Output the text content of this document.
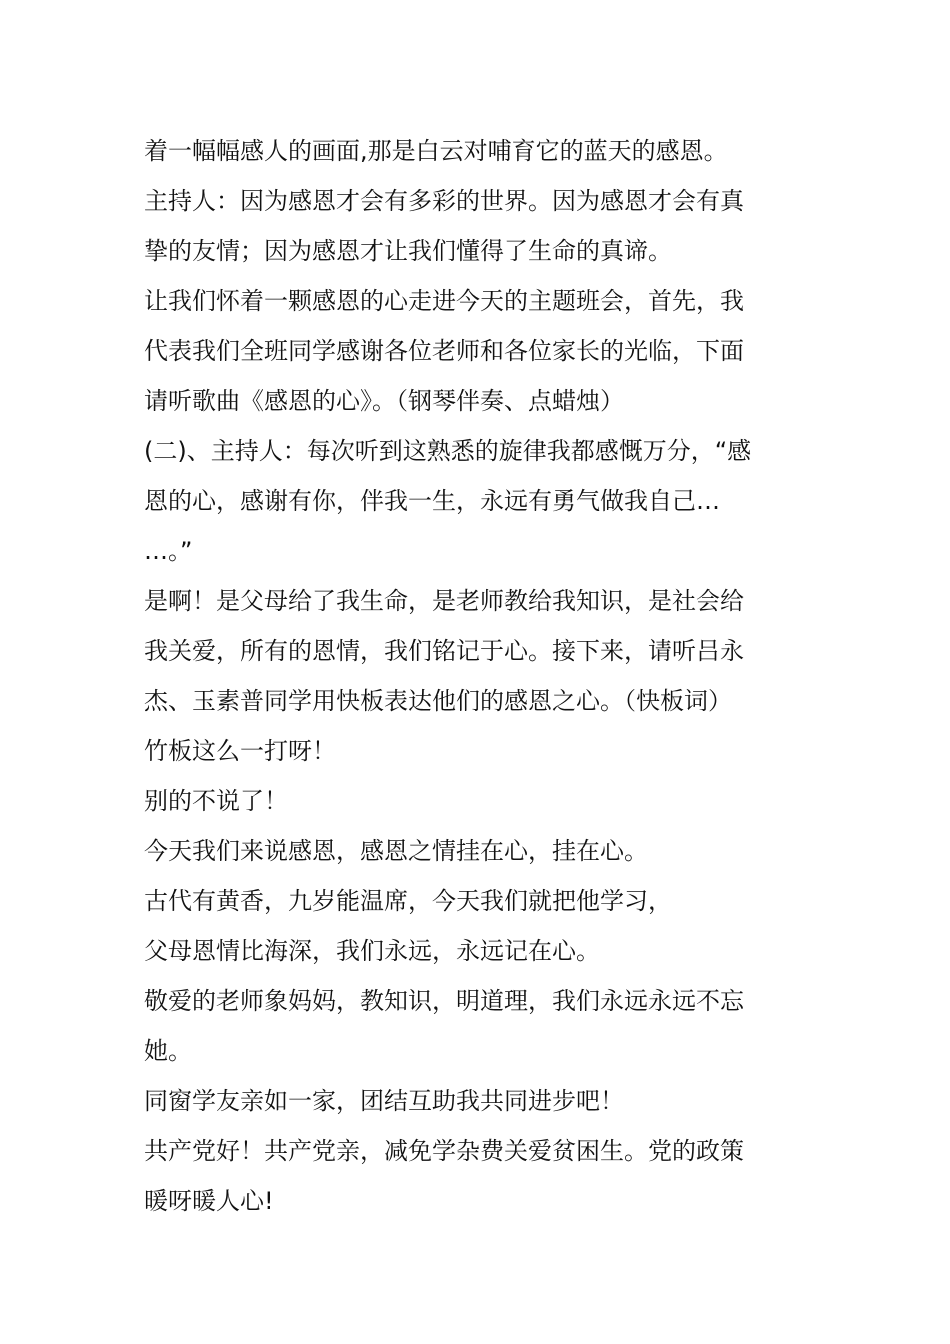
着一幅幅感人的画面,那是白云对哺育它的蓝天的感恩。
主持人：因为感恩才会有多彩的世界。因为感恩才会有真
挚的友情；因为感恩才让我们懂得了生命的真谛。
让我们怀着一颗感恩的心走进今天的主题班会，首先，我
代表我们全班同学感谢各位老师和各位家长的光临，下面
请听歌曲《感恩的心》。（钢琴伴奏、点蜡烛）
(二)、主持人：每次听到这熟悉的旋律我都感慨万分，“感
恩的心，感谢有你，伴我一生，永远有勇气做我自己…
…。”
是啊！是父母给了我生命，是老师教给我知识，是社会给
我关爱，所有的恩情，我们铭记于心。接下来，请听吕永
杰、玉素普同学用快板表达他们的感恩之心。（快板词）
竹板这么一打呀！
别的不说了！
今天我们来说感恩，感恩之情挂在心，挂在心。
古代有黄香，九岁能温席，今天我们就把他学习，
父母恩情比海深，我们永远，永远记在心。
敬爱的老师象妈妈，教知识，明道理，我们永远永远不忘
她。
同窗学友亲如一家，团结互助我共同进步吧！
共产党好！共产党亲，减免学杂费关爱贫困生。党的政策
暖呀暖人心!
